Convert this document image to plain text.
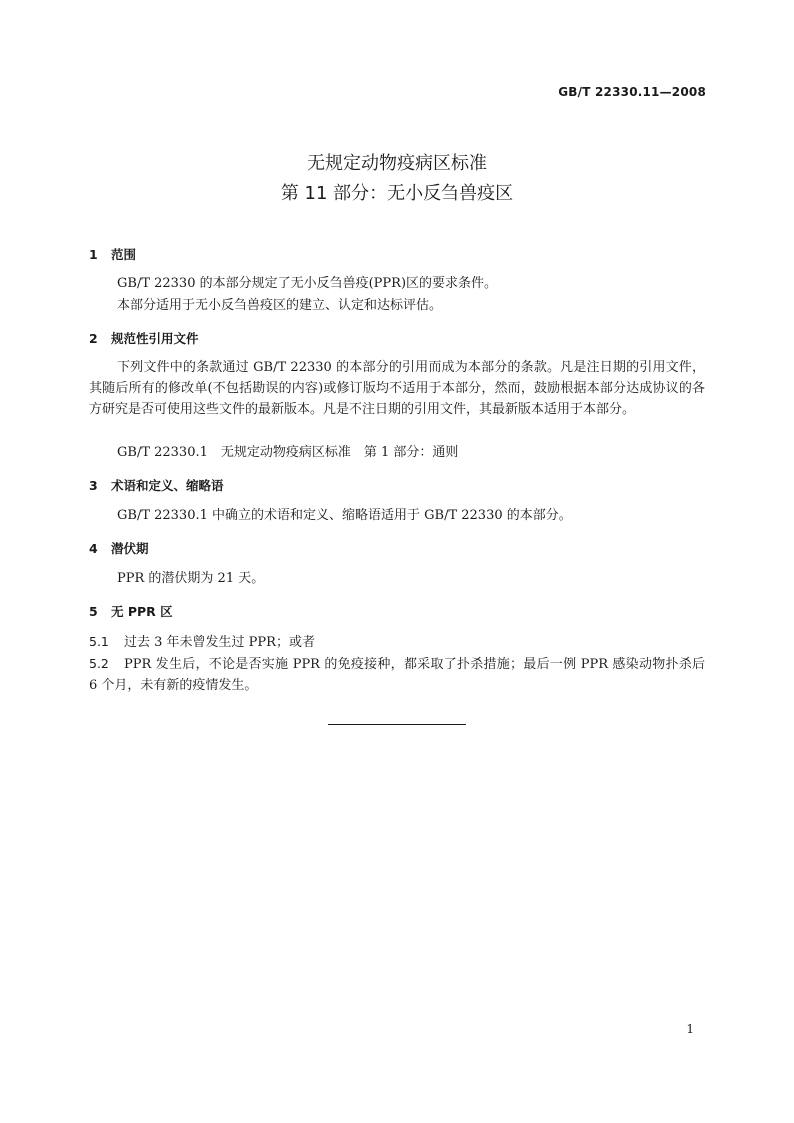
GB/T 22330.11—2008
无规定动物疫病区标准
第 11 部分：无小反刍兽疫区
1 范围
GB/T 22330 的本部分规定了无小反刍兽疫(PPR)区的要求条件。
本部分适用于无小反刍兽疫区的建立、认定和达标评估。
2 规范性引用文件
下列文件中的条款通过 GB/T 22330 的本部分的引用而成为本部分的条款。凡是注日期的引用文件，其随后所有的修改单(不包括勘误的内容)或修订版均不适用于本部分，然而，鼓励根据本部分达成协议的各方研究是否可使用这些文件的最新版本。凡是不注日期的引用文件，其最新版本适用于本部分。
GB/T 22330.1　无规定动物疫病区标准　第 1 部分：通则
3 术语和定义、缩略语
GB/T 22330.1 中确立的术语和定义、缩略语适用于 GB/T 22330 的本部分。
4 潜伏期
PPR 的潜伏期为 21 天。
5 无 PPR 区
5.1 过去 3 年未曾发生过 PPR；或者
5.2 PPR 发生后，不论是否实施 PPR 的免疫接种，都采取了扑杀措施；最后一例 PPR 感染动物扑杀后 6 个月，未有新的疫情发生。
1
